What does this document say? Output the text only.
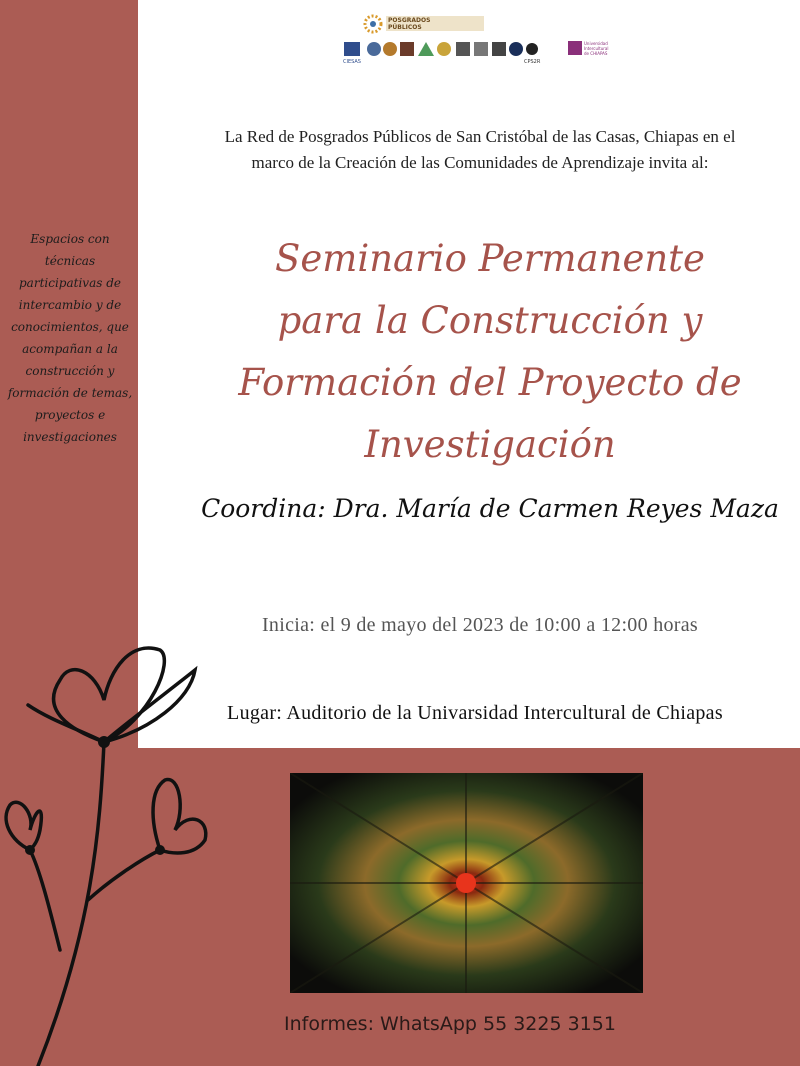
Espacios con
técnicas
participativas de
intercambio y de
conocimientos, que
acompañan a la
construcción y
formación de temas,
proyectos e
investigaciones
POSGRADOS
PÚBLICOS
CIESAS	CPS2R
Universidad
Intercultural
de CHIAPAS
La Red de Posgrados Públicos de San Cristóbal de las Casas, Chiapas en el
marco de la Creación de las Comunidades de Aprendizaje invita al:
Seminario Permanente
para la Construcción y
Formación del Proyecto de
Investigación
Coordina: Dra. María de Carmen Reyes Maza
Inicia: el 9 de mayo del 2023 de 10:00 a 12:00 horas
Lugar: Auditorio de la Univarsidad Intercultural de Chiapas
Informes: WhatsApp 55 3225 3151
